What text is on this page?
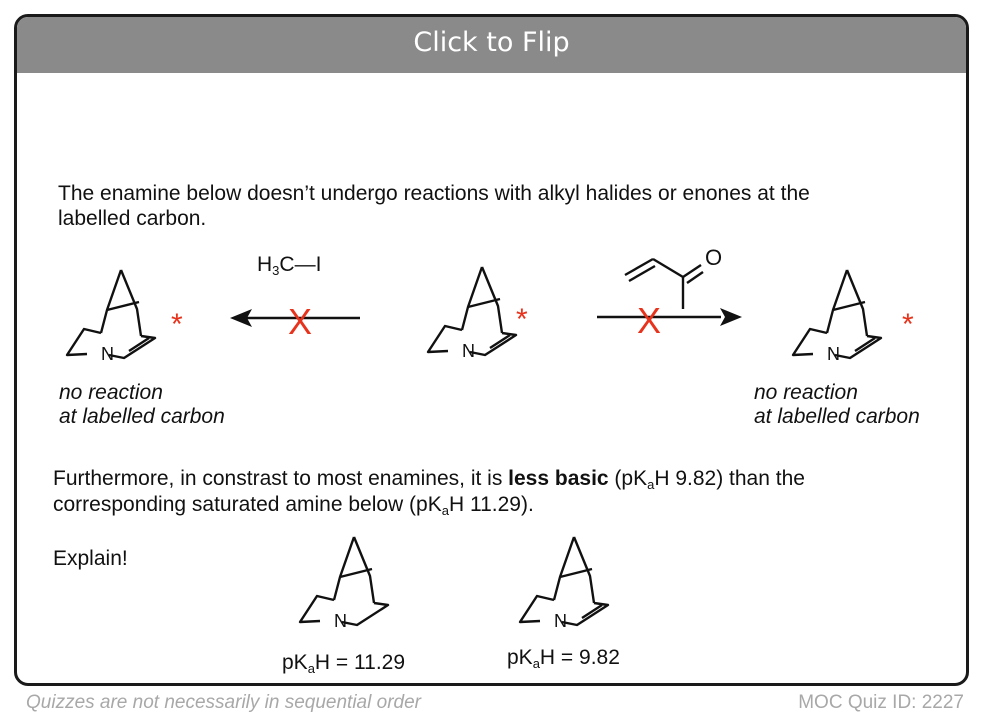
Click to Flip
The enamine below doesn’t undergo reactions with alkyl halides or enones at the
labelled carbon.
$H_3C—I$
N
*	X
N
*
O
X
N
*
no reaction
at labelled carbon
no reaction
at labelled carbon
Furthermore, in constrast to most enamines, it is less basic ($pK_aH$ 9.82) than the
corresponding saturated amine below ($pK_aH$ 11.29).
Explain!
N	N
$pK_aH = 11.29$	$pK_aH = 9.82$
Quizzes are not necessarily in sequential order	MOC Quiz ID: 2227
